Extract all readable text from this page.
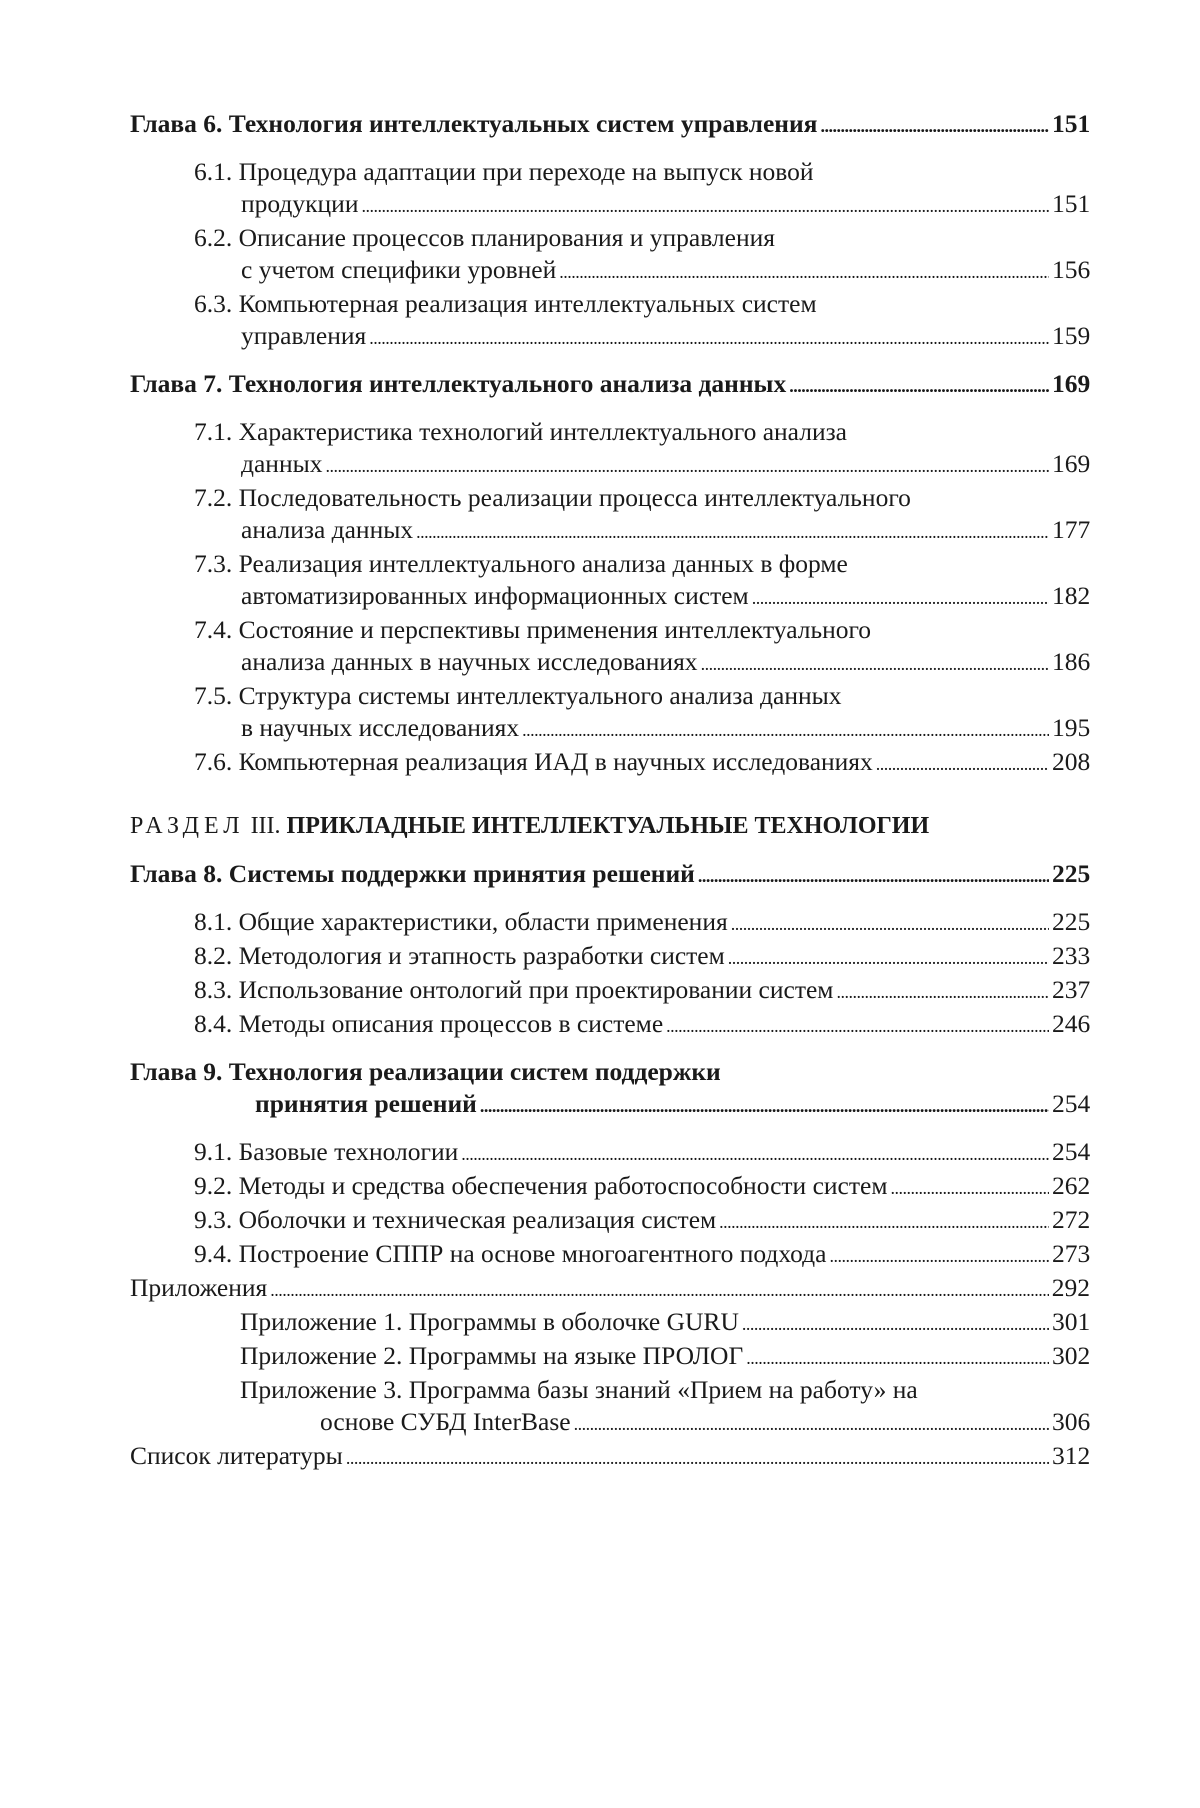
Глава 6. Технология интеллектуальных систем управления . . .	151
6.1. Процедура адаптации при переходе на выпуск новой
продукции . . .	151
6.2. Описание процессов планирования и управления
с учетом специфики уровней . . .	156
6.3. Компьютерная реализация интеллектуальных систем
управления . . .	159
Глава 7. Технология интеллектуального анализа данных . . .	169
7.1. Характеристика технологий интеллектуального анализа
данных . . .	169
7.2. Последовательность реализации процесса интеллектуального
анализа данных . . .	177
7.3. Реализация интеллектуального анализа данных в форме
автоматизированных информационных систем . . .	182
7.4. Состояние и перспективы применения интеллектуального
анализа данных в научных исследованиях . . .	186
7.5. Структура системы интеллектуального анализа данных
в научных исследованиях . . .	195
7.6. Компьютерная реализация ИАД в научных исследованиях . . .	208
РАЗДЕЛ III. ПРИКЛАДНЫЕ ИНТЕЛЛЕКТУАЛЬНЫЕ ТЕХНОЛОГИИ
Глава 8. Системы поддержки принятия решений . . .	225
8.1. Общие характеристики, области применения . . .	225
8.2. Методология и этапность разработки систем . . .	233
8.3. Использование онтологий при проектировании систем . . .	237
8.4. Методы описания процессов в системе . . .	246
Глава 9. Технология реализации систем поддержки
принятия решений . . .	254
9.1. Базовые технологии . . .	254
9.2. Методы и средства обеспечения работоспособности систем . . .	262
9.3. Оболочки и техническая реализация систем . . .	272
9.4. Построение СППР на основе многоагентного подхода . . .	273
Приложения . . .	292
Приложение 1. Программы в оболочке GURU . . .	301
Приложение 2. Программы на языке ПРОЛОГ . . .	302
Приложение 3. Программа базы знаний «Прием на работу» на
основе СУБД InterBase . . .	306
Список литературы . . .	312
